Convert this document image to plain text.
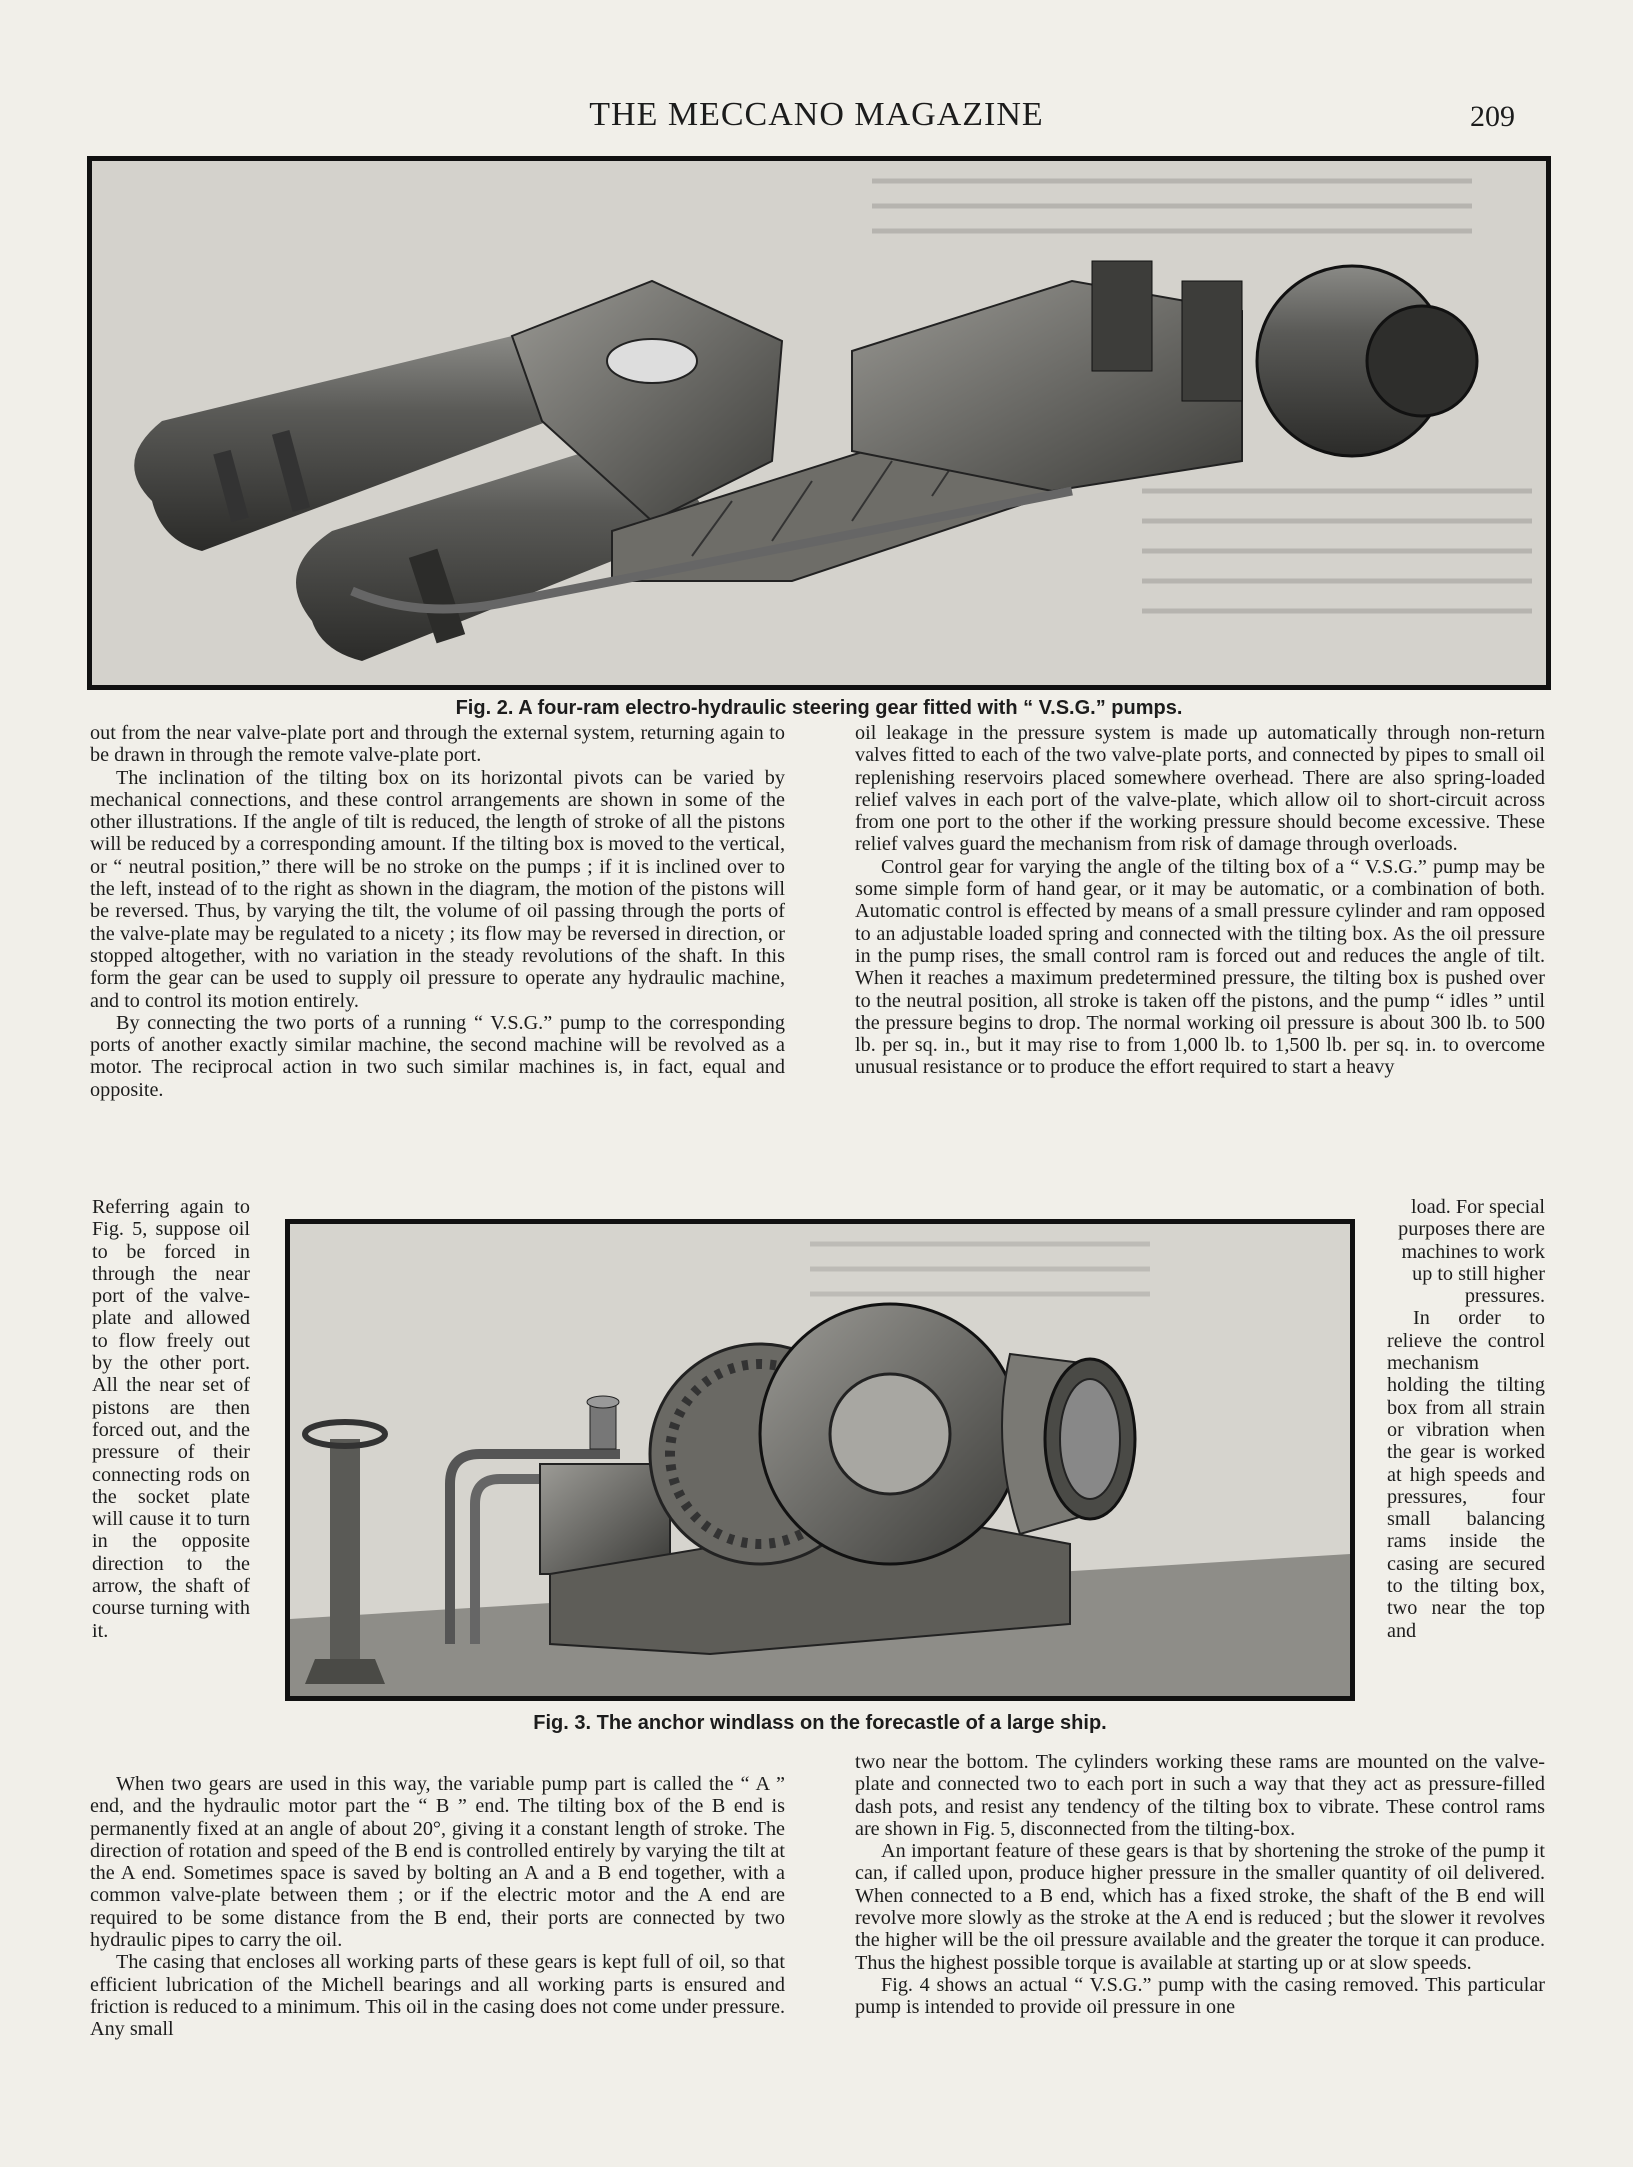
THE MECCANO MAGAZINE	209
Fig. 2. A four-ram electro-hydraulic steering gear fitted with “ V.S.G.” pumps.

out from the near valve-plate port and through the external system, returning again to be drawn in through the remote valve-plate port.

The inclination of the tilting box on its horizontal pivots can be varied by mechanical connections, and these control arrangements are shown in some of the other illustrations. If the angle of tilt is reduced, the length of stroke of all the pistons will be reduced by a corresponding amount. If the tilting box is moved to the vertical, or “ neutral position,” there will be no stroke on the pumps ; if it is inclined over to the left, instead of to the right as shown in the diagram, the motion of the pistons will be reversed. Thus, by varying the tilt, the volume of oil passing through the ports of the valve-plate may be regulated to a nicety ; its flow may be reversed in direction, or stopped altogether, with no variation in the steady revolutions of the shaft. In this form the gear can be used to supply oil pressure to operate any hydraulic machine, and to control its motion entirely.

By connecting the two ports of a running “ V.S.G.” pump to the corresponding ports of another exactly similar machine, the second machine will be revolved as a motor. The reciprocal action in two such similar machines is, in fact, equal and opposite.

oil leakage in the pressure system is made up automatically through non-return valves fitted to each of the two valve-plate ports, and connected by pipes to small oil replenishing reservoirs placed somewhere overhead. There are also spring-loaded relief valves in each port of the valve-plate, which allow oil to short-circuit across from one port to the other if the working pressure should become excessive. These relief valves guard the mechanism from risk of damage through overloads.

Control gear for varying the angle of the tilting box of a “ V.S.G.” pump may be some simple form of hand gear, or it may be automatic, or a combination of both. Automatic control is effected by means of a small pressure cylinder and ram opposed to an adjustable loaded spring and connected with the tilting box. As the oil pressure in the pump rises, the small control ram is forced out and reduces the angle of tilt. When it reaches a maximum predetermined pressure, the tilting box is pushed over to the neutral position, all stroke is taken off the pistons, and the pump “ idles ” until the pressure begins to drop. The normal working oil pressure is about 300 lb. to 500 lb. per sq. in., but it may rise to from 1,000 lb. to 1,500 lb. per sq. in. to overcome unusual resistance or to produce the effort required to start a heavy

Referring again to Fig. 5, suppose oil to be forced in through the near port of the valve-plate and allowed to flow freely out by the other port. All the near set of pistons are then forced out, and the pressure of their connecting rods on the socket plate will cause it to turn in the opposite direction to the arrow, the shaft of course turning with it.

load. For special purposes there are machines to work up to still higher pressures.

In order to relieve the control mechanism holding the tilting box from all strain or vibration when the gear is worked at high speeds and pressures, four small balancing rams inside the casing are secured to the tilting box, two near the top and

Fig. 3. The anchor windlass on the forecastle of a large ship.

When two gears are used in this way, the variable pump part is called the “ A ” end, and the hydraulic motor part the “ B ” end. The tilting box of the B end is permanently fixed at an angle of about 20°, giving it a constant length of stroke. The direction of rotation and speed of the B end is controlled entirely by varying the tilt at the A end. Sometimes space is saved by bolting an A and a B end together, with a common valve-plate between them ; or if the electric motor and the A end are required to be some distance from the B end, their ports are connected by two hydraulic pipes to carry the oil.

The casing that encloses all working parts of these gears is kept full of oil, so that efficient lubrication of the Michell bearings and all working parts is ensured and friction is reduced to a minimum. This oil in the casing does not come under pressure. Any small

two near the bottom. The cylinders working these rams are mounted on the valve-plate and connected two to each port in such a way that they act as pressure-filled dash pots, and resist any tendency of the tilting box to vibrate. These control rams are shown in Fig. 5, disconnected from the tilting-box.

An important feature of these gears is that by shortening the stroke of the pump it can, if called upon, produce higher pressure in the smaller quantity of oil delivered. When connected to a B end, which has a fixed stroke, the shaft of the B end will revolve more slowly as the stroke at the A end is reduced ; but the slower it revolves the higher will be the oil pressure available and the greater the torque it can produce. Thus the highest possible torque is available at starting up or at slow speeds.

Fig. 4 shows an actual “ V.S.G.” pump with the casing removed. This particular pump is intended to provide oil pressure in one
